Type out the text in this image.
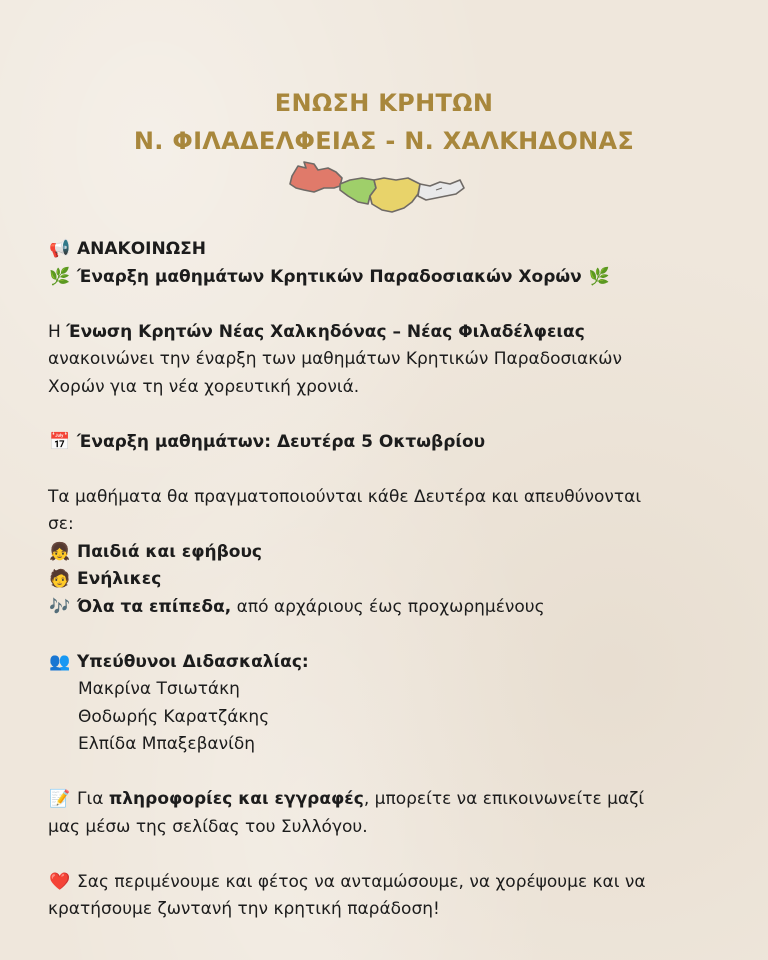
ΕΝΩΣΗ ΚΡΗΤΩΝ
Ν. ΦΙΛΑΔΕΛΦΕΙΑΣ - Ν. ΧΑΛΚΗΔΟΝΑΣ
📢 ΑΝΑΚΟΙΝΩΣΗ
🌿 Έναρξη μαθημάτων Κρητικών Παραδοσιακών Χορών 🌿
Η Ένωση Κρητών Νέας Χαλκηδόνας – Νέας Φιλαδέλφειας
ανακοινώνει την έναρξη των μαθημάτων Κρητικών Παραδοσιακών
Χορών για τη νέα χορευτική χρονιά.
📅 Έναρξη μαθημάτων: Δευτέρα 5 Οκτωβρίου
Τα μαθήματα θα πραγματοποιούνται κάθε Δευτέρα και απευθύνονται
σε:
👧 Παιδιά και εφήβους
🧑 Ενήλικες
🎶 Όλα τα επίπεδα, από αρχάριους έως προχωρημένους
👥 Υπεύθυνοι Διδασκαλίας:
Μακρίνα Τσιωτάκη
Θοδωρής Καρατζάκης
Ελπίδα Μπαξεβανίδη
📝 Για πληροφορίες και εγγραφές, μπορείτε να επικοινωνείτε μαζί
μας μέσω της σελίδας του Συλλόγου.
❤️ Σας περιμένουμε και φέτος να ανταμώσουμε, να χορέψουμε και να
κρατήσουμε ζωντανή την κρητική παράδοση!
